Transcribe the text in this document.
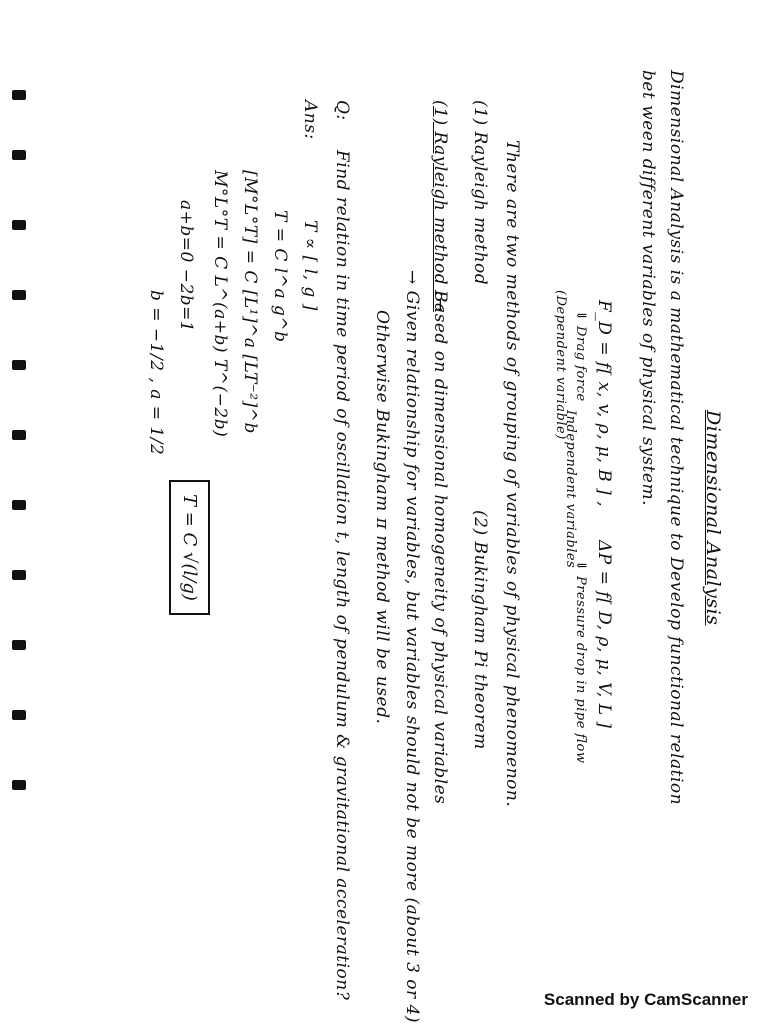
Dimensional Analysis
Dimensional Analysis is a mathematical technique to Develop functional relation
bet ween different variables of physical system.
F_D = f[ x, v, ρ, μ, B ] ,
⇓ Drag force
(Dependent variable)
Independent variables
ΔP = f[ D, ρ, μ, V, L ]
⇓ Pressure drop in pipe flow
There are two methods of grouping of variables of physical phenomenon.
(1) Rayleigh method
(2) Bukingham Pi theorem
(1) Rayleigh method :→
Based on dimensional homogeneity of physical variables
→ Given relationship for variables, but variables should not be more (about 3 or 4)
Otherwise Bukingham π method will be used.
Q:
Find relation in time period of oscillation t, length of pendulum & gravitational acceleration?
Ans:
T ∝ [ l, g ]
T = C l^a g^b
[M°L°T] = C [L¹]^a [LT⁻²]^b
M°L°T = C L^(a+b) T^(−2b)
a+b=0 −2b=1
b = −1/2 , a = 1/2
T = C √(l/g)
Scanned by CamScanner
